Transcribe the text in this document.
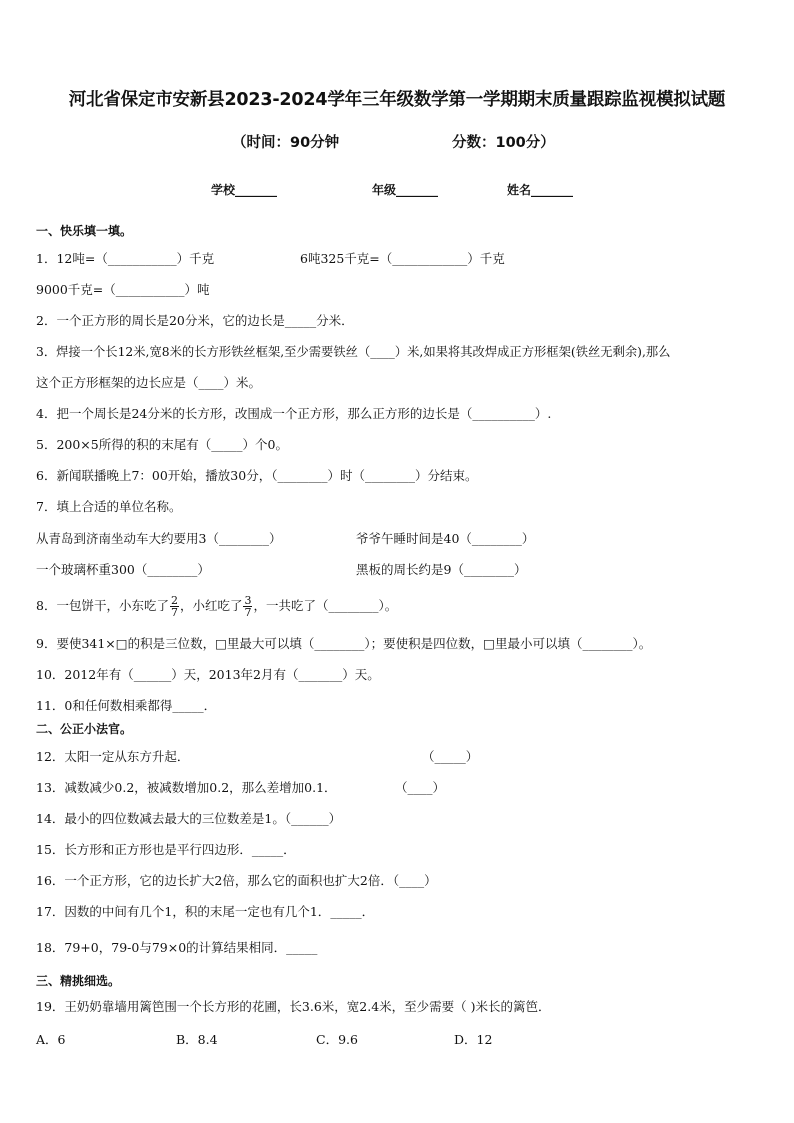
河北省保定市安新县2023-2024学年三年级数学第一学期期末质量跟踪监视模拟试题
（时间：90分钟	分数：100分）
学校_______	年级_______	姓名_______
一、快乐填一填。
1．12吨=（___________）千克	6吨325千克=（____________）千克
9000千克=（___________）吨
2．一个正方形的周长是20分米，它的边长是_____分米．
3．焊接一个长12米,宽8米的长方形铁丝框架,至少需要铁丝（____）米,如果将其改焊成正方形框架(铁丝无剩余),那么
这个正方形框架的边长应是（____）米。
4．把一个周长是24分米的长方形，改围成一个正方形，那么正方形的边长是（__________）.
5．200×5所得的积的末尾有（_____）个0。
6．新闻联播晚上7：00开始，播放30分，（________）时（________）分结束。
7．填上合适的单位名称。
从青岛到济南坐动车大约要用3（________）	爷爷午睡时间是40（________）
一个玻璃杯重300（________）	黑板的周长约是9（________）
8．一包饼干，小东吃了 $\frac{2}{7}$ ，小红吃了 $\frac{3}{7}$ ，一共吃了（________）。
9．要使341×□的积是三位数，□里最大可以填（________）；要使积是四位数，□里最小可以填（________）。
10．2012年有（______）天，2013年2月有（_______）天。
11．0和任何数相乘都得_____．
二、公正小法官。
12．太阳一定从东方升起．	（_____）
13．减数减少0.2，被减数增加0.2，那么差增加0.1．	（____）
14．最小的四位数减去最大的三位数差是1。（______）
15．长方形和正方形也是平行四边形．_____．
16．一个正方形，它的边长扩大2倍，那么它的面积也扩大2倍．（____）
17．因数的中间有几个1，积的末尾一定也有几个1．_____．
18．79+0，79-0与79×0的计算结果相同．_____
三、精挑细选。
19．王奶奶靠墙用篱笆围一个长方形的花圃，长3.6米，宽2.4米，至少需要（ )米长的篱笆．
A．6	B．8.4	C．9.6	D．12
